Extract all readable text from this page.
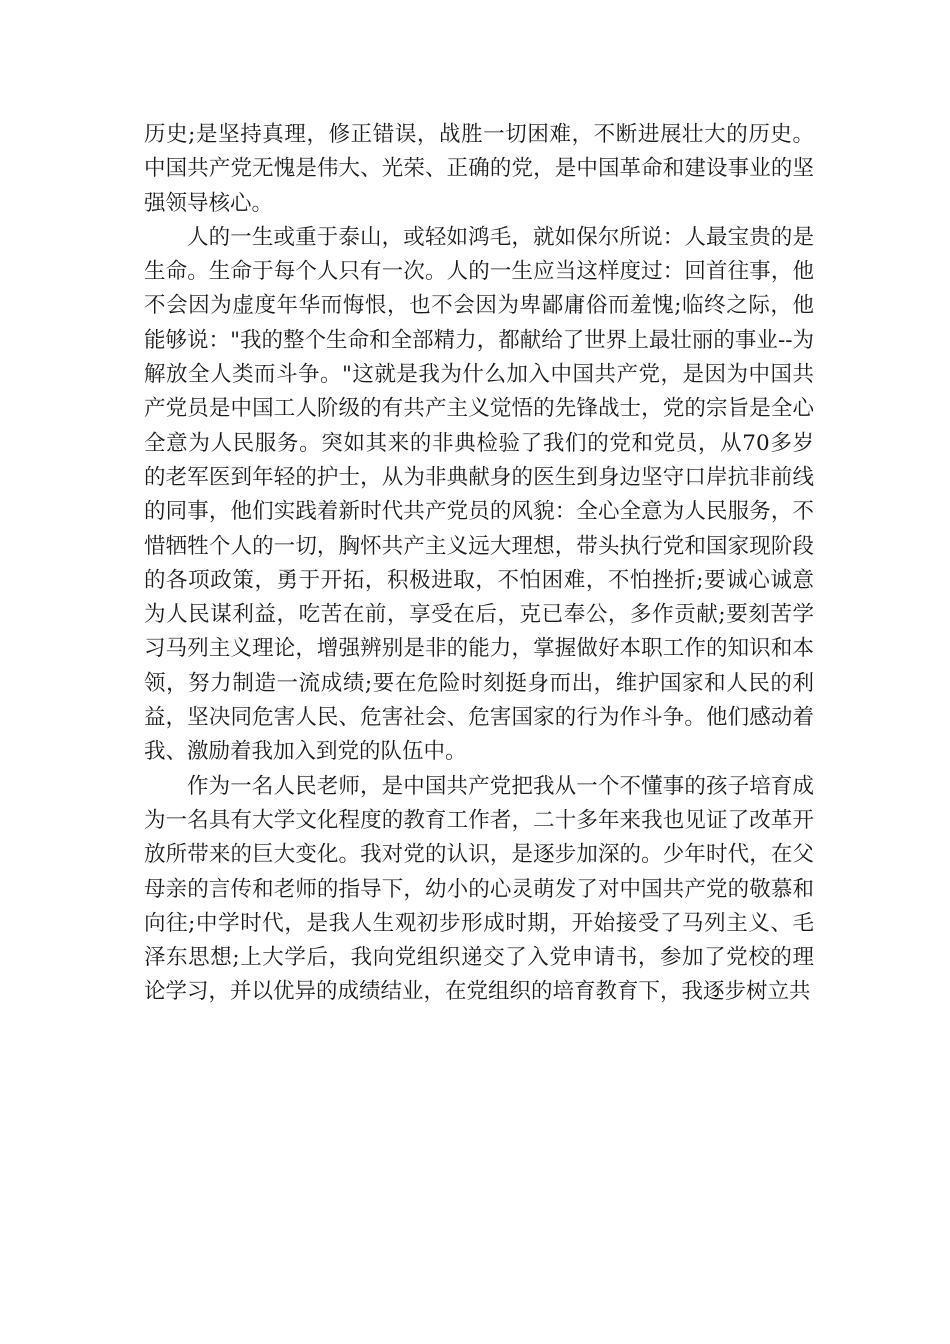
历史;是坚持真理，修正错误，战胜一切困难，不断进展壮大的历史。中国共产党无愧是伟大、光荣、正确的党，是中国革命和建设事业的坚强领导核心。

人的一生或重于泰山，或轻如鸿毛，就如保尔所说：人最宝贵的是生命。生命于每个人只有一次。人的一生应当这样度过：回首往事，他不会因为虚度年华而悔恨，也不会因为卑鄙庸俗而羞愧;临终之际，他能够说："我的整个生命和全部精力，都献给了世界上最壮丽的事业--为解放全人类而斗争。"这就是我为什么加入中国共产党，是因为中国共产党员是中国工人阶级的有共产主义觉悟的先锋战士，党的宗旨是全心全意为人民服务。突如其来的非典检验了我们的党和党员，从70多岁的老军医到年轻的护士，从为非典献身的医生到身边坚守口岸抗非前线的同事，他们实践着新时代共产党员的风貌：全心全意为人民服务，不惜牺牲个人的一切，胸怀共产主义远大理想，带头执行党和国家现阶段的各项政策，勇于开拓，积极进取，不怕困难，不怕挫折;要诚心诚意为人民谋利益，吃苦在前，享受在后，克已奉公，多作贡献;要刻苦学习马列主义理论，增强辨别是非的能力，掌握做好本职工作的知识和本领，努力制造一流成绩;要在危险时刻挺身而出，维护国家和人民的利益，坚决同危害人民、危害社会、危害国家的行为作斗争。他们感动着我、激励着我加入到党的队伍中。

作为一名人民老师，是中国共产党把我从一个不懂事的孩子培育成为一名具有大学文化程度的教育工作者，二十多年来我也见证了改革开放所带来的巨大变化。我对党的认识，是逐步加深的。少年时代，在父母亲的言传和老师的指导下，幼小的心灵萌发了对中国共产党的敬慕和向往;中学时代，是我人生观初步形成时期，开始接受了马列主义、毛泽东思想;上大学后，我向党组织递交了入党申请书，参加了党校的理论学习，并以优异的成绩结业，在党组织的培育教育下，我逐步树立共
